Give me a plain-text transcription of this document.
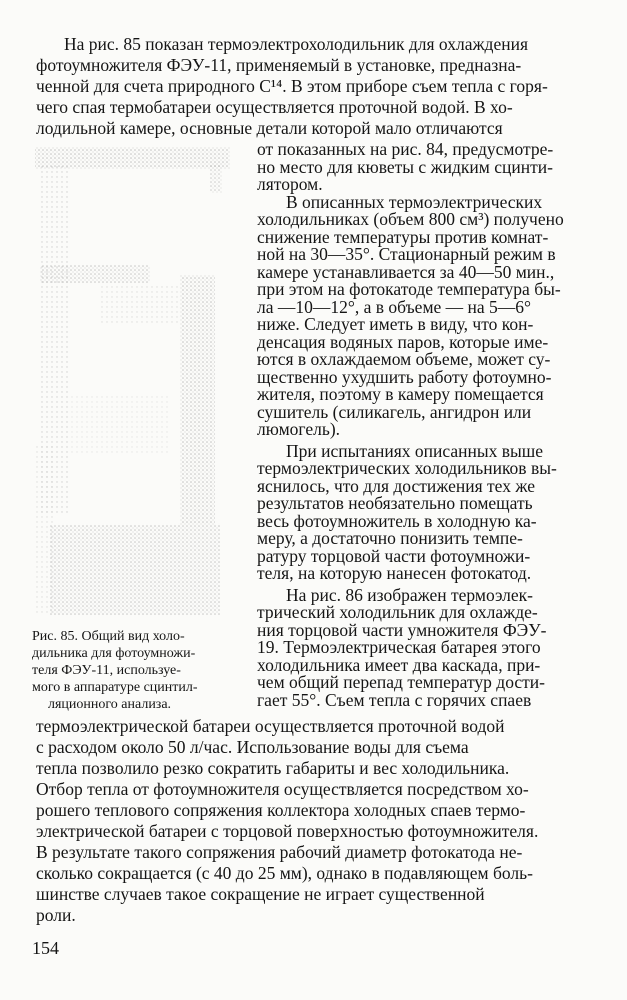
На рис. 85 показан термоэлектрохолодильник для охлаждения
фотоумножителя ФЭУ-11, применяемый в установке, предназна-
ченной для счета природного C¹⁴. В этом приборе съем тепла с горя-
чего спая термобатареи осуществляется проточной водой. В хо-
лодильной камере, основные детали которой мало отличаются
от показанных на рис. 84, предусмотре-
но место для кюветы с жидким сцинти-
лятором.
В описанных термоэлектрических
холодильниках (объем 800 см³) получено
снижение температуры против комнат-
ной на 30—35°. Стационарный режим в
камере устанавливается за 40—50 мин.,
при этом на фотокатоде температура бы-
ла —10—12°, а в объеме — на 5—6°
ниже. Следует иметь в виду, что кон-
денсация водяных паров, которые име-
ются в охлаждаемом объеме, может су-
щественно ухудшить работу фотоумно-
жителя, поэтому в камеру помещается
сушитель (силикагель, ангидрон или
люмогель).
При испытаниях описанных выше
термоэлектрических холодильников вы-
яснилось, что для достижения тех же
результатов необязательно помещать
весь фотоумножитель в холодную ка-
меру, а достаточно понизить темпе-
ратуру торцовой части фотоумножи-
теля, на которую нанесен фотокатод.
На рис. 86 изображен термоэлек-
трический холодильник для охлажде-
ния торцовой части умножителя ФЭУ-
19. Термоэлектрическая батарея этого
холодильника имеет два каскада, при-
чем общий перепад температур дости-
гает 55°. Съем тепла с горячих спаев
Рис. 85. Общий вид холо-
дильника для фотоумножи-
теля ФЭУ-11, используе-
мого в аппаратуре сцинтил-
ляционного анализа.
термоэлектрической батареи осуществляется проточной водой
с расходом около 50 л/час. Использование воды для съема
тепла позволило резко сократить габариты и вес холодильника.
Отбор тепла от фотоумножителя осуществляется посредством хо-
рошего теплового сопряжения коллектора холодных спаев термо-
электрической батареи с торцовой поверхностью фотоумножителя.
В результате такого сопряжения рабочий диаметр фотокатода не-
сколько сокращается (с 40 до 25 мм), однако в подавляющем боль-
шинстве случаев такое сокращение не играет существенной
роли.
154
